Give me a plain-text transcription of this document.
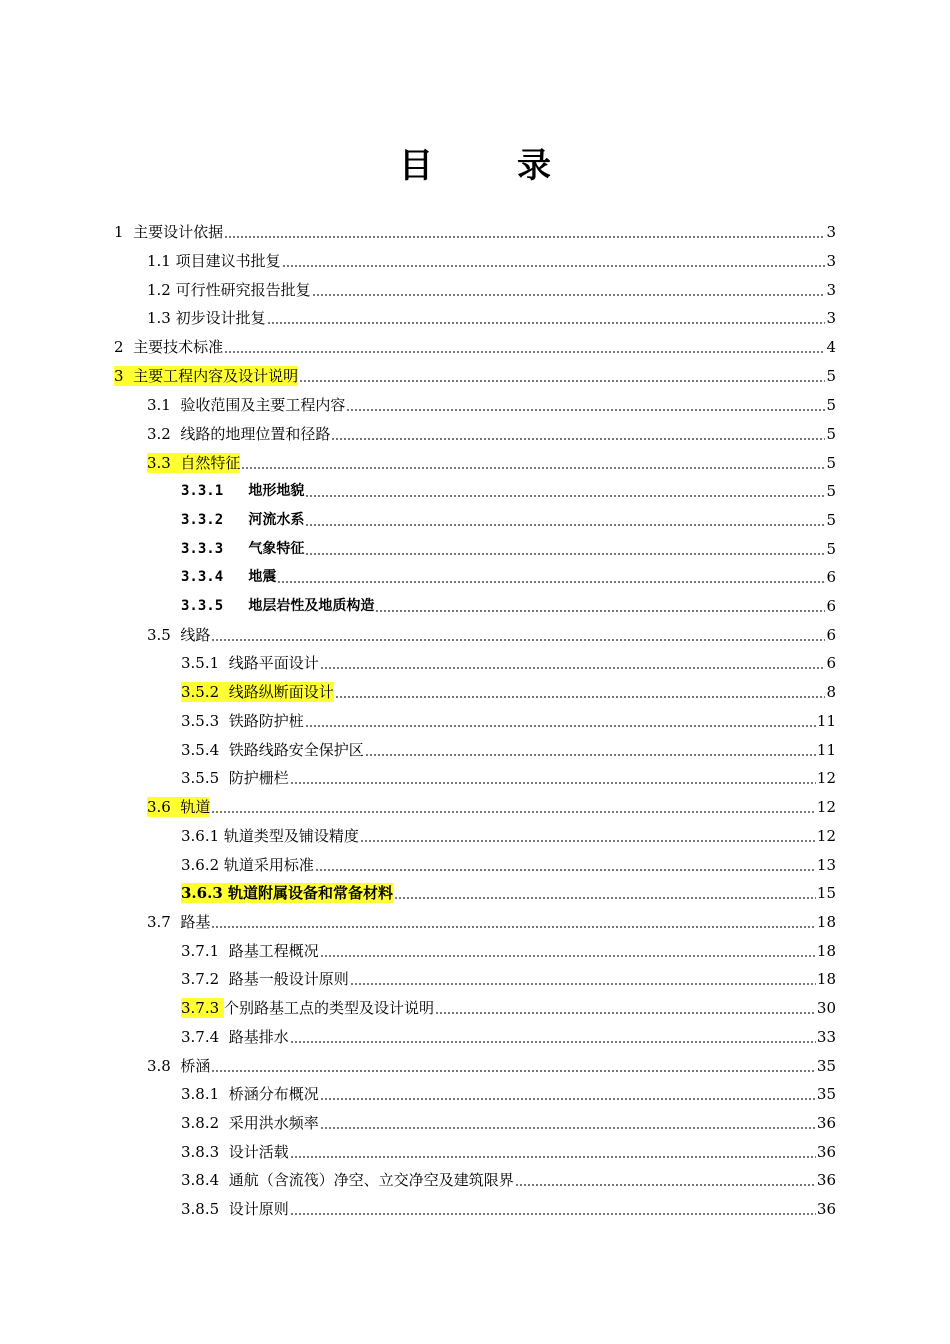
目 录
1  主要设计依据	3
1.1 项目建议书批复	3
1.2 可行性研究报告批复	3
1.3 初步设计批复	3
2  主要技术标准	4
3  主要工程内容及设计说明	5
3.1  验收范围及主要工程内容	5
3.2  线路的地理位置和径路	5
3.3  自然特征	5
3.3.1   地形地貌	5
3.3.2   河流水系	5
3.3.3   气象特征	5
3.3.4   地震	6
3.3.5   地层岩性及地质构造	6
3.5  线路	6
3.5.1  线路平面设计	6
3.5.2  线路纵断面设计	8
3.5.3  铁路防护桩	11
3.5.4  铁路线路安全保护区	11
3.5.5  防护栅栏	12
3.6  轨道	12
3.6.1 轨道类型及铺设精度	12
3.6.2 轨道采用标准	13
3.6.3 轨道附属设备和常备材料	15
3.7  路基	18
3.7.1  路基工程概况	18
3.7.2  路基一般设计原则	18
3.7.3 个别路基工点的类型及设计说明	30
3.7.4  路基排水	33
3.8  桥涵	35
3.8.1  桥涵分布概况	35
3.8.2  采用洪水频率	36
3.8.3  设计活载	36
3.8.4  通航（含流筏）净空、立交净空及建筑限界	36
3.8.5  设计原则	36
